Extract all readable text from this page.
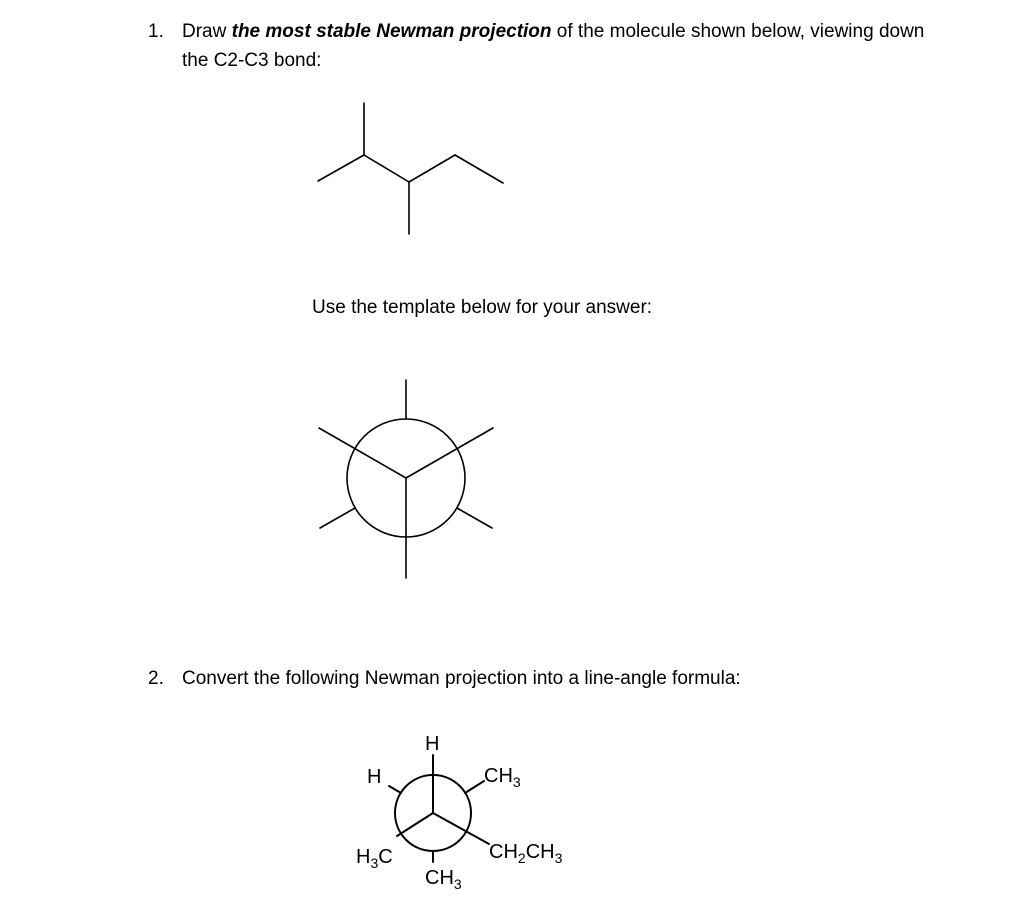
1. Draw the most stable Newman projection of the molecule shown below, viewing down
the C2-C3 bond:
Use the template below for your answer:
2. Convert the following Newman projection into a line-angle formula:
H
H	$CH_3$
$H_3C$	$CH_2CH_3$
$CH_3$
